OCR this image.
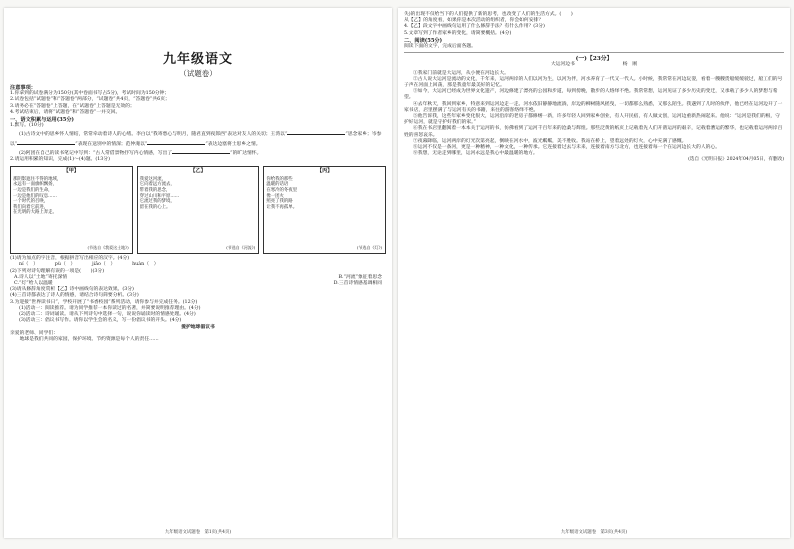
九年级语文
（试题卷）

注意事项：

1.你拿到的试卷满分为150分(其中卷面书写占5分)，考试时间为150分钟；

2.试卷包括“试题卷”和“答题卷”两部分，“试题卷”共4页，“答题卷”共6页；

3.请务必在“答题卷”上答题，在“试题卷”上答题是无效的；

4.考试结束后，请将“试题卷”和“答题卷”一并交回。

一、语文积累与运用(35分)

1.默写。(10分)

(1)古诗文中的思乡怀人情结，常常牵动着诗人的心绪。李白以“我寄愁心与明月，随君直到夜郎西”表达对友人的关切；王湾以“	”思念家乡；岑参以“	”表现在送别中的情深；范仲淹以“	”表达边塞将士思乡之情。

(2)阿团在自己的读书笔记中写到：“古人常借景物抒写内心情感，写出了	”的旷达情怀。

2.请运用积累的知识，完成(1)～(4)题。(13分)

【甲】
那阴影遮住不得的地域，
永远有一面旗帜飘扬，
一边是我们的生命，
一边是他们的叹息……
一个时代的召唤，
我们向着它前进，
在光明的大路上奔走。
(节选自《我爱这土地》)
【乙】
我爱这河流，
它向着远方流去，
带着我的思念，
穿过山川和平原……
它流过我的梦境，
留在我的心上。
(节选自《河流》)
【丙】
你给我的那些
温暖的话语
在寒冷的冬夜里
像一团火
照亮了我的路
让我不再孤单。
(节选自《灯》)

(1)请为加点的字注音，根据拼音写出相应的汉字。(4分)

ní（　）　　　　pù（　）　　　　jiǎo（　）　　　　huàn（　）

(2)下列对诗句理解有误的一项是(　　)(3分)

A.诗人以“土地”寄托深情	B.“河流”象征着思念
C.“灯”给人以温暖	D.三首诗情感基调相同

(3)请从修辞角度赏析【乙】诗中画线句的表达效果。(3分)

(4)三首诗都表达了诗人的情感，请结合诗句简要分析。(3分)

3.为迎接“世界读书日”，学校开展了“书香校园”系列活动，请你参与并完成任务。(12分)

(1)活动一：阅读推荐。请为同学推荐一本你读过的名著，并简要说明推荐理由。(4分)

(2)活动二：诗词诵读。请从下列诗句中选择一句，说说你诵读时的情感处理。(4分)

(3)活动三：倡议书写作。请你以学生会的名义，写一份倡议书的开头。(4分)

爱护地球倡议书

亲爱的老师、同学们：

　　地球是我们共同的家园，保护环境、节约资源是每个人的责任……

九年级语文试题卷　第1页(共4页)

失)的出现不仅给当下的人们提供了新的思考，也改变了人们的生活方式。(　　)

从【乙】的角度看，如果你是本次活动的组织者，你会如何安排？

4.【乙】段文字中画线句运用了什么修辞手法？有什么作用？(3分)

5.文章写到了作者家乡的变化，请简要概括。(4分)

二、阅读(55分)

阅读下面的文字，完成后面各题。

(一)【23分】
大运河边书　　　　　　　　　　杨　刚

①我家门前就是大运河，从小便在河边长大。

②古人说大运河是流动的文化，千年来，运河两岸的人们以河为生，以河为伴，河水养育了一代又一代人。小时候，我常常在河边玩耍，看着一艘艘货船缓缓驶过，船工们的号子声在河面上回荡，那是我童年最美好的记忆。

③如今，大运河已经成为世界文化遗产，河边修建了漂亮的公园和步道，每到傍晚，散步的人络绎不绝。我常常想，运河见证了多少历史的变迁，又承载了多少人的梦想与希望。

④去年秋天，我回到家乡，特意来到运河边走一走。河水依旧静静地流淌，岸边的柳树随风摇曳，一切都那么熟悉，又那么陌生。我遇到了儿时的伙伴，他已经在运河边开了一家书店，店里摆满了与运河有关的书籍，来往的游客络绎不绝。

⑤他告诉我，这些年家乡变化很大，运河沿岸的老房子都修缮一新，许多年轻人回到家乡创业，有人开民宿，有人做文创，运河边重新热闹起来。他说：“运河是我们的根，守护好运河，就是守护好我们的家。”

⑥我在书店里翻阅着一本本关于运河的书，仿佛看到了运河千百年来的沧桑与辉煌。那些泛黄的纸页上记载着先人们开凿运河的艰辛，记载着漕运的繁华，也记载着运河两岸百姓的喜怒哀乐。

⑦夜幕降临，运河两岸的灯光次第亮起，倒映在河水中，波光粼粼，美不胜收。我站在桥上，望着远处的灯火，心中充满了感慨。

⑧运河不仅是一条河，更是一种精神，一种文化，一种传承。它连接着过去与未来，连接着南方与北方，也连接着每一个在运河边长大的人的心。

⑨我想，无论走到哪里，运河永远是我心中最温暖的地方。

(选自《光明日报》2024年04月05日，有删改)

九年级语文试题卷　第3页(共4页)
